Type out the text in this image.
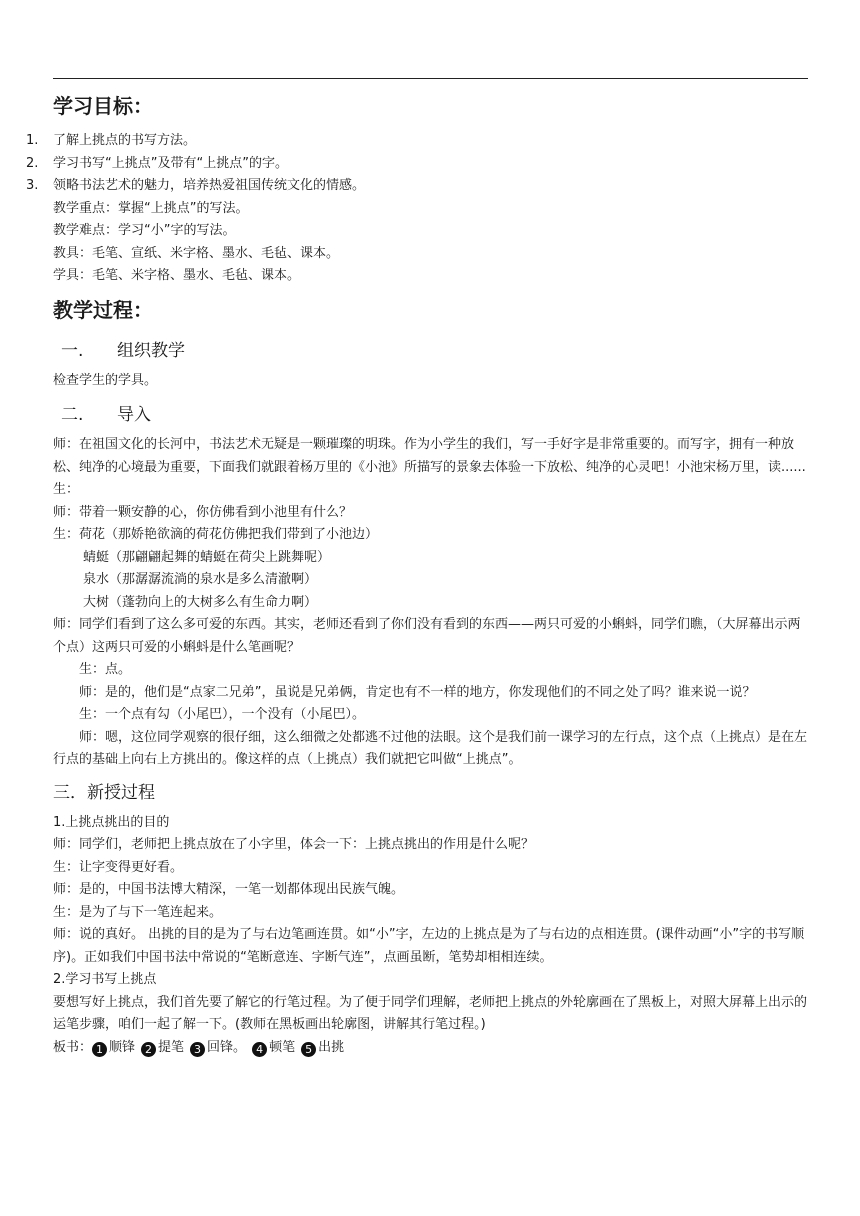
学习目标：
1. 了解上挑点的书写方法。
2. 学习书写“上挑点”及带有“上挑点”的字。
3. 领略书法艺术的魅力，培养热爱祖国传统文化的情感。

教学重点：掌握“上挑点”的写法。

教学难点：学习“小”字的写法。

教具：毛笔、宣纸、米字格、墨水、毛毡、课本。

学具：毛笔、米字格、墨水、毛毡、课本。

教学过程：
一. 组织教学

检查学生的学具。

二. 导入

师：在祖国文化的长河中，书法艺术无疑是一颗璀璨的明珠。作为小学生的我们，写一手好字是非常重要的。而写字，拥有一种放松、纯净的心境最为重要，下面我们就跟着杨万里的《小池》所描写的景象去体验一下放松、纯净的心灵吧！小池宋杨万里，读......

生：

师：带着一颗安静的心，你仿佛看到小池里有什么？

生：荷花（那娇艳欲滴的荷花仿佛把我们带到了小池边）

蜻蜓（那翩翩起舞的蜻蜓在荷尖上跳舞呢）

泉水（那潺潺流淌的泉水是多么清澈啊）

大树（蓬勃向上的大树多么有生命力啊）

师：同学们看到了这么多可爱的东西。其实，老师还看到了你们没有看到的东西——两只可爱的小蝌蚪，同学们瞧，（大屏幕出示两个点）这两只可爱的小蝌蚪是什么笔画呢？

生：点。

师：是的，他们是“点家二兄弟”，虽说是兄弟俩，肯定也有不一样的地方，你发现他们的不同之处了吗？谁来说一说？

生：一个点有勾（小尾巴），一个没有（小尾巴）。

师：嗯，这位同学观察的很仔细，这么细微之处都逃不过他的法眼。这个是我们前一课学习的左行点，这个点（上挑点）是在左行点的基础上向右上方挑出的。像这样的点（上挑点）我们就把它叫做“上挑点”。

三．新授过程

1.上挑点挑出的目的

师：同学们，老师把上挑点放在了小字里，体会一下：上挑点挑出的作用是什么呢？

生：让字变得更好看。

师：是的，中国书法博大精深，一笔一划都体现出民族气魄。

生：是为了与下一笔连起来。

师：说的真好。 出挑的目的是为了与右边笔画连贯。如“小”字，左边的上挑点是为了与右边的点相连贯。(课件动画“小”字的书写顺序)。正如我们中国书法中常说的“笔断意连、字断气连”，点画虽断，笔势却相相连续。

2.学习书写上挑点

要想写好上挑点，我们首先要了解它的行笔过程。为了便于同学们理解，老师把上挑点的外轮廓画在了黑板上，对照大屏幕上出示的运笔步骤，咱们一起了解一下。(教师在黑板画出轮廓图，讲解其行笔过程。)

板书： 1 顺锋 2 提笔 3 回锋。 4 顿笔 5 出挑
